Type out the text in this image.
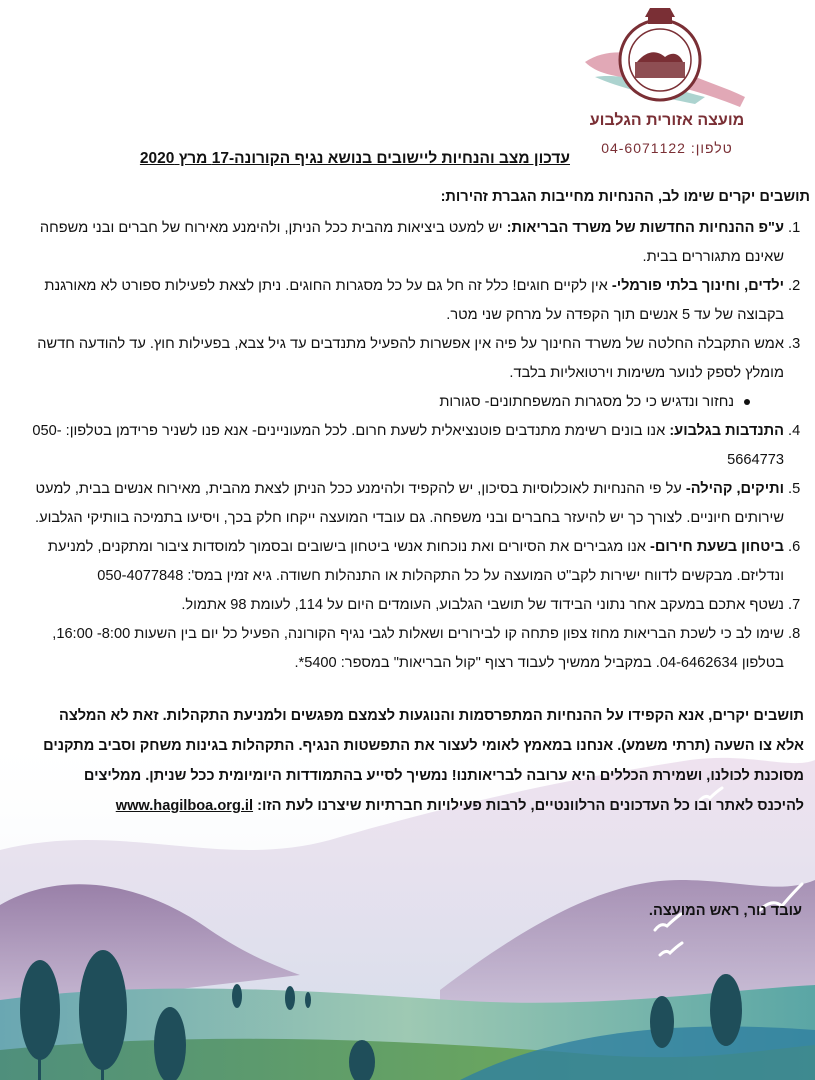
מועצה אזורית הגלבוע
טלפון: 04-6071122
עדכון מצב והנחיות ליישובים בנושא נגיף הקורונה-17 מרץ 2020

תושבים יקרים שימו לב, ההנחיות מחייבות הגברת זהירות:

1.
ע"פ ההנחיות החדשות של משרד הבריאות: יש למעט ביציאות מהבית ככל הניתן, ולהימנע מאירוח של חברים ובני משפחה שאינם מתגוררים בבית.
2.
ילדים, וחינוך בלתי פורמלי- אין לקיים חוגים! כלל זה חל גם על כל מסגרות החוגים. ניתן לצאת לפעילות ספורט לא מאורגנת בקבוצה של עד 5 אנשים תוך הקפדה על מרחק שני מטר.
3.
אמש התקבלה החלטה של משרד החינוך על פיה אין אפשרות להפעיל מתנדבים עד גיל צבא, בפעילות חוץ. עד להודעה חדשה מומלץ לספק לנוער משימות וירטואליות בלבד.
נחזור ונדגיש כי כל מסגרות המשפחתונים- סגורות
4.
התנדבות בגלבוע: אנו בונים רשימת מתנדבים פוטנציאלית לשעת חרום. לכל המעוניינים- אנא פנו לשניר פרידמן בטלפון: 050-5664773
5.
ותיקים, קהילה- על פי ההנחיות לאוכלוסיות בסיכון, יש להקפיד ולהימנע ככל הניתן לצאת מהבית, מאירוח אנשים בבית, למעט שירותים חיוניים. לצורך כך יש להיעזר בחברים ובני משפחה. גם עובדי המועצה ייקחו חלק בכך, ויסיעו בתמיכה בוותיקי הגלבוע.
6.
ביטחון בשעת חירום- אנו מגבירים את הסיורים ואת נוכחות אנשי ביטחון בישובים ובסמוך למוסדות ציבור ומתקנים, למניעת ונדליזם. מבקשים לדווח ישירות לקב"ט המועצה על כל התקהלות או התנהלות חשודה. גיא זמין במס': 050-4077848
7.
נשטף אתכם במעקב אחר נתוני הבידוד של תושבי הגלבוע, העומדים היום על 114, לעומת 98 אתמול.
8.
שימו לב כי לשכת הבריאות מחוז צפון פתחה קו לבירורים ושאלות לגבי נגיף הקורונה, הפעיל כל יום בין השעות 8:00- 16:00, בטלפון 04-6462634. במקביל ממשיך לעבוד רצוף "קול הבריאות" במספר: 5400*.

תושבים יקרים, אנא הקפידו על ההנחיות המתפרסמות והנוגעות לצמצם מפגשים ולמניעת התקהלות. זאת לא המלצה אלא צו השעה (תרתי משמע). אנחנו במאמץ לאומי לעצור את התפשטות הנגיף. התקהלות בגינות משחק וסביב מתקנים מסוכנת לכולנו, ושמירת הכללים היא ערובה לבריאותנו! נמשיך לסייע בהתמודדות היומיומית ככל שניתן. ממליצים להיכנס לאתר ובו כל העדכונים הרלוונטיים, לרבות פעילויות חברתיות שיצרנו לעת הזו: www.hagilboa.org.il

עובד נור, ראש המועצה.
